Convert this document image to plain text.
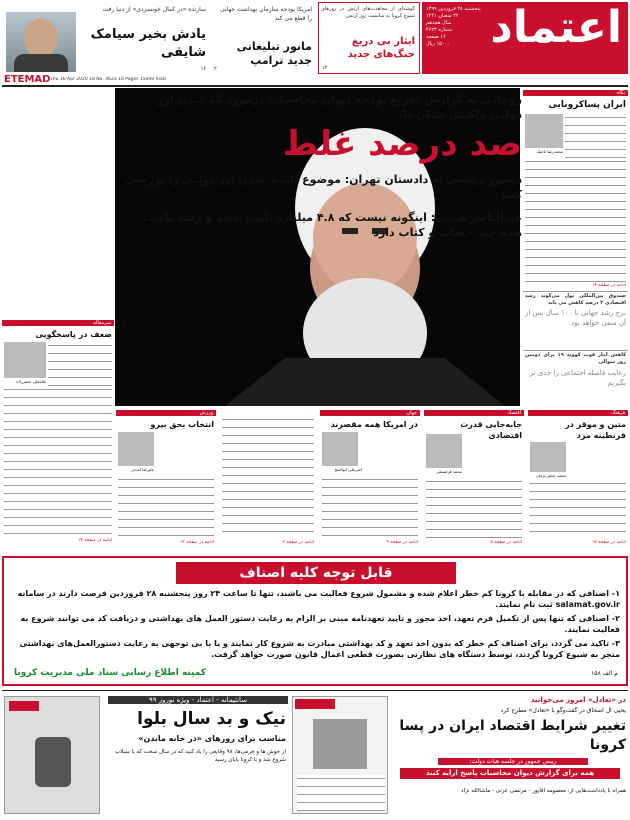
اعتماد
پنجشنبه ۲۸ فروردین ۱۳۹۹
۲۲ شعبان ۱۴۴۱
سال هجدهم
شماره ۴۶۲۳
۱۶ صفحه
۱۵۰۰۰ ریال
ETEMAD Thu 16 Apr 2020 18 No. 4623 16 Pages 15000 Rials
گوشه‌ای از مجاهدت‌های ارتش در روزهای شیوع کرونا به مناسبت روز ارتش
ایثار بی دریغ جنگ‌های جدید
۱۲
امریکا بودجه سازمان بهداشت جهانی را قطع می کند
مانور تبلیغاتی جدید ترامپ
۲
سازنده «در کمال خونسردی» از دنیا رفت
یادش بخیر سیامک شایقی
۱۶
روحانی به گزارش تفریغ بودجه دیوان محاسبات درمورد گم شدن ارز دولتی واکنش نشان داد
صد درصد غلط
دستور رییسی به دادستان تهران: موضوع ناپدید شدن ارز دولتی را بررسی کنید
عبدالناصر همتی: اینگونه نیست که ۴.۸ میلیارد ناپدید شده و رفته باشد؛ همه چیز حساب و کتاب دارد
نگاه
ایران پساکرونایی
محمدرضا تاجیک
ادامه در صفحه ۱۴
صندوق بین‌المللی پول می‌گوید رشد اقتصادی ۳ درصد کاهش می یابد
نرخ رشد جهانی تا ۱۰۰ سال پس از آن منفی خواهد بود
کاهش آمار فوت کووید ۱۹ برای دومین روز متوالی
رعایت فاصله اجتماعی را جدی تر بگیریم
سرمقاله
ضعف در پاسخگویی
غلامعلی جعفرزاده
ادامه در صفحه ۱۴
فرهنگ
متین و موقر در قرنطینه مرد
محمد جعفر پژمان
ادامه در صفحه ۱۵
اقتصاد
جابه‌جایی قدرت اقتصادی
محمد قزلسفلی
ادامه در صفحه ۵
جهان
در امریکا همه مقصرند
امیرعلی ابوالفتح
ادامه در صفحه ۹
ادامه در صفحه ۲
ورزش
انتخاب بحق بیرو
علیرضا اسدی
ادامه در صفحه ۱۳
قابل توجه کلیه اصناف
۱- اصنافی که در مقابله با کرونا کم خطر اعلام شده و مشمول شروع فعالیت می باشند، تنها تا ساعت ۲۴ روز پنجشنبه ۲۸ فروردین فرصت دارند در سامانه salamat.gov.ir ثبت نام نمایند.
۲- اصنافی که تنها پس از تکمیل فرم تعهد، اخذ مجوز و تایید تعهدنامه مبنی بر الزام به رعایت دستور العمل های بهداشتی و دریافت کد می توانند شروع به فعالیت نمایند.
۳- تاکید می گردد، برای اصناف کم خطر که بدون اخذ تعهد و کد بهداشتی مبادرت به شروع کار نمایند و یا با بی توجهی به رعایت دستورالعمل‌های بهداشتی منجر به شیوع کرونا گردند، توسط دستگاه های نظارتی بصورت قطعی اعمال قانون صورت خواهد گرفت.
کمیته اطلاع رسانی ستاد ملی مدیریت کرونا	م الف ۱۵۸
در «تعادل» امروز می‌خوانید
یحیی آل اسحاق در گفت‌وگو با «تعادل» مطرح کرد
تغییر شرایط اقتصاد ایران در پسا کرونا
رییس جمهور در جلسه هیات دولت:
همه برای گزارش دیوان محاسبات پاسخ ارایه کنند
همراه با یادداشت‌هایی از: معصومه آقاپور - مرتضی عزتی - ماشاالله نژاد
سانتیمانه - اعتماد - ویژه نوروز ۹۹
نیک و بد سال بلوا
مناسب برای روزهای «در خانه ماندن»
از خوش ها و خرمی‌ها، ۹۸ وقایعی را یاد کنید که در سال سخت که با سیلاب شروع شد و با کرونا پایان رسید
